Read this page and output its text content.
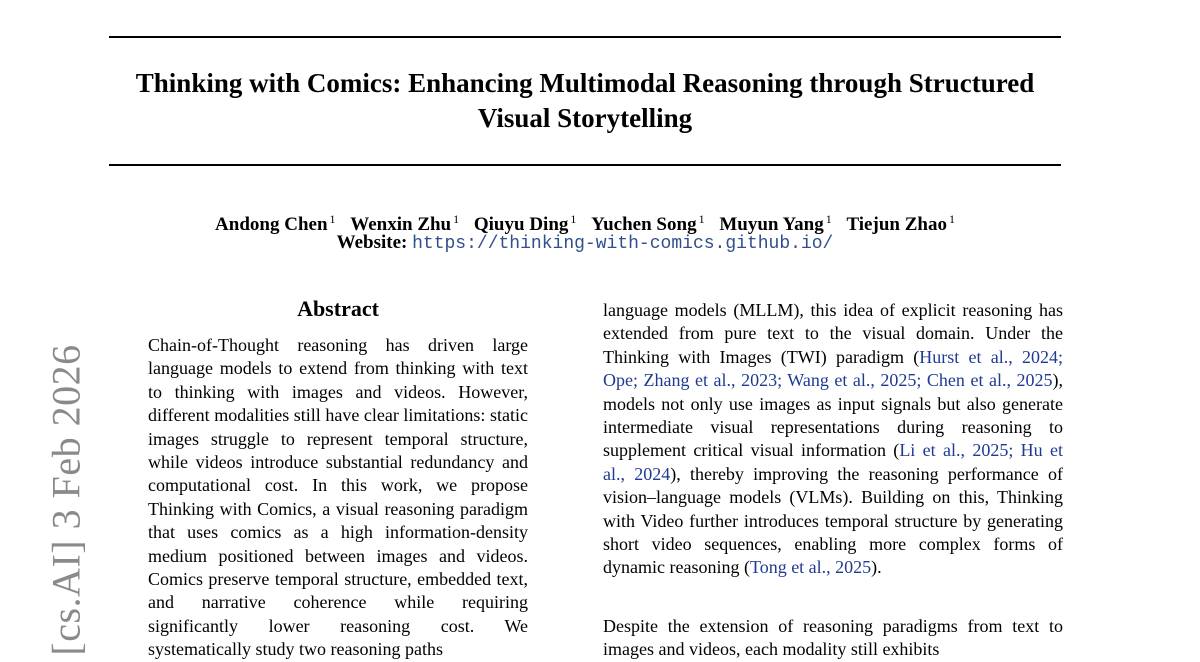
Thinking with Comics: Enhancing Multimodal Reasoning through Structured Visual Storytelling
Andong Chen $^1$ Wenxin Zhu $^1$ Qiuyu Ding $^1$ Yuchen Song $^1$ Muyun Yang $^1$ Tiejun Zhao $^1$
Website: https://thinking-with-comics.github.io/
Abstract

Chain-of-Thought reasoning has driven large language models to extend from thinking with text to thinking with images and videos. However, different modalities still have clear limitations: static images struggle to represent temporal structure, while videos introduce substantial redundancy and computational cost. In this work, we propose Thinking with Comics, a visual reasoning paradigm that uses comics as a high information-density medium positioned between images and videos. Comics preserve temporal structure, embedded text, and narrative coherence while requiring significantly lower reasoning cost. We systematically study two reasoning paths

language models (MLLM), this idea of explicit reasoning has extended from pure text to the visual domain. Under the Thinking with Images (TWI) paradigm (Hurst et al., 2024; Ope; Zhang et al., 2023; Wang et al., 2025; Chen et al., 2025), models not only use images as input signals but also generate intermediate visual representations during reasoning to supplement critical visual information (Li et al., 2025; Hu et al., 2024), thereby improving the reasoning performance of vision–language models (VLMs). Building on this, Thinking with Video further introduces temporal structure by generating short video sequences, enabling more complex forms of dynamic reasoning (Tong et al., 2025).

Despite the extension of reasoning paradigms from text to images and videos, each modality still exhibits

[cs.AI] 3 Feb 2026
